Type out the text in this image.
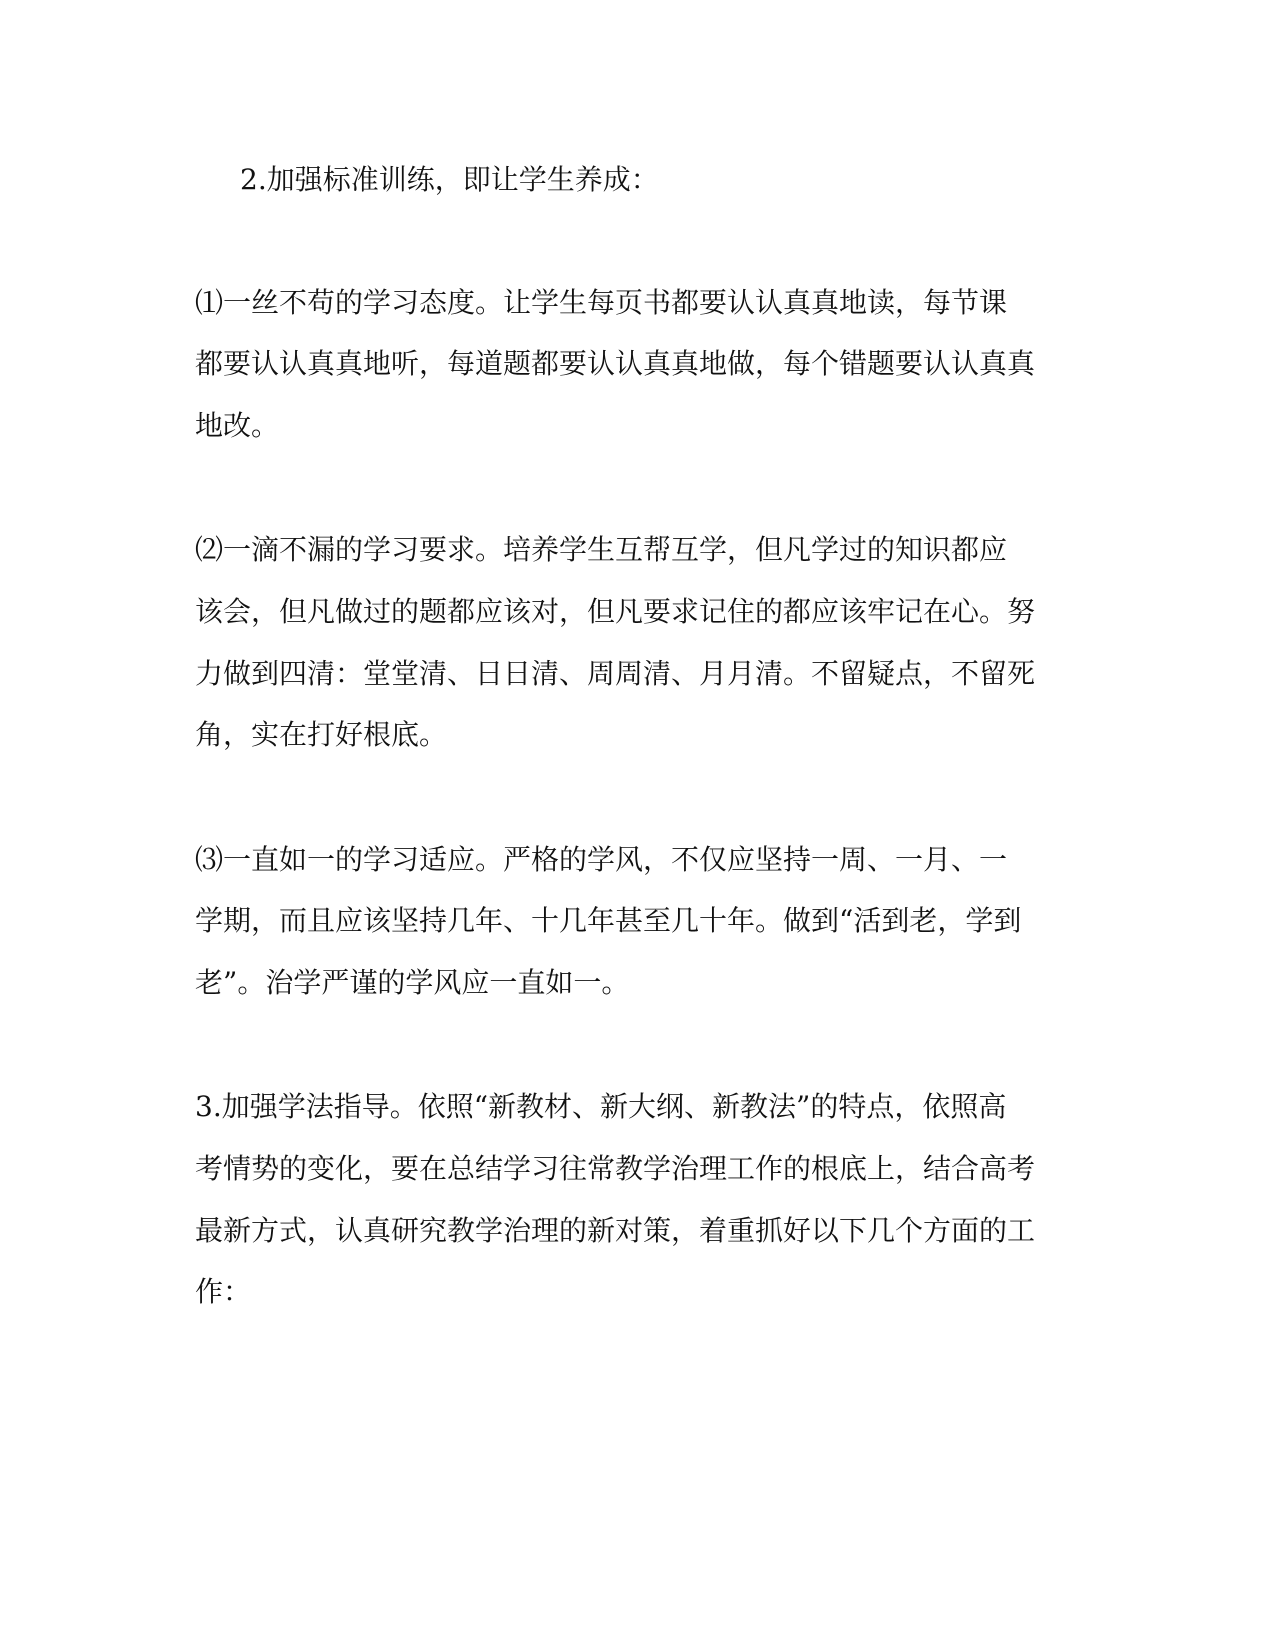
2.加强标准训练，即让学生养成：
⑴一丝不苟的学习态度。让学生每页书都要认认真真地读，每节课
都要认认真真地听，每道题都要认认真真地做，每个错题要认认真真
地改。
⑵一滴不漏的学习要求。培养学生互帮互学，但凡学过的知识都应
该会，但凡做过的题都应该对，但凡要求记住的都应该牢记在心。努
力做到四清：堂堂清、日日清、周周清、月月清。不留疑点，不留死
角，实在打好根底。
⑶一直如一的学习适应。严格的学风，不仅应坚持一周、一月、一
学期，而且应该坚持几年、十几年甚至几十年。做到“活到老，学到
老”。治学严谨的学风应一直如一。
3.加强学法指导。依照“新教材、新大纲、新教法”的特点，依照高
考情势的变化，要在总结学习往常教学治理工作的根底上，结合高考
最新方式，认真研究教学治理的新对策，着重抓好以下几个方面的工
作：
